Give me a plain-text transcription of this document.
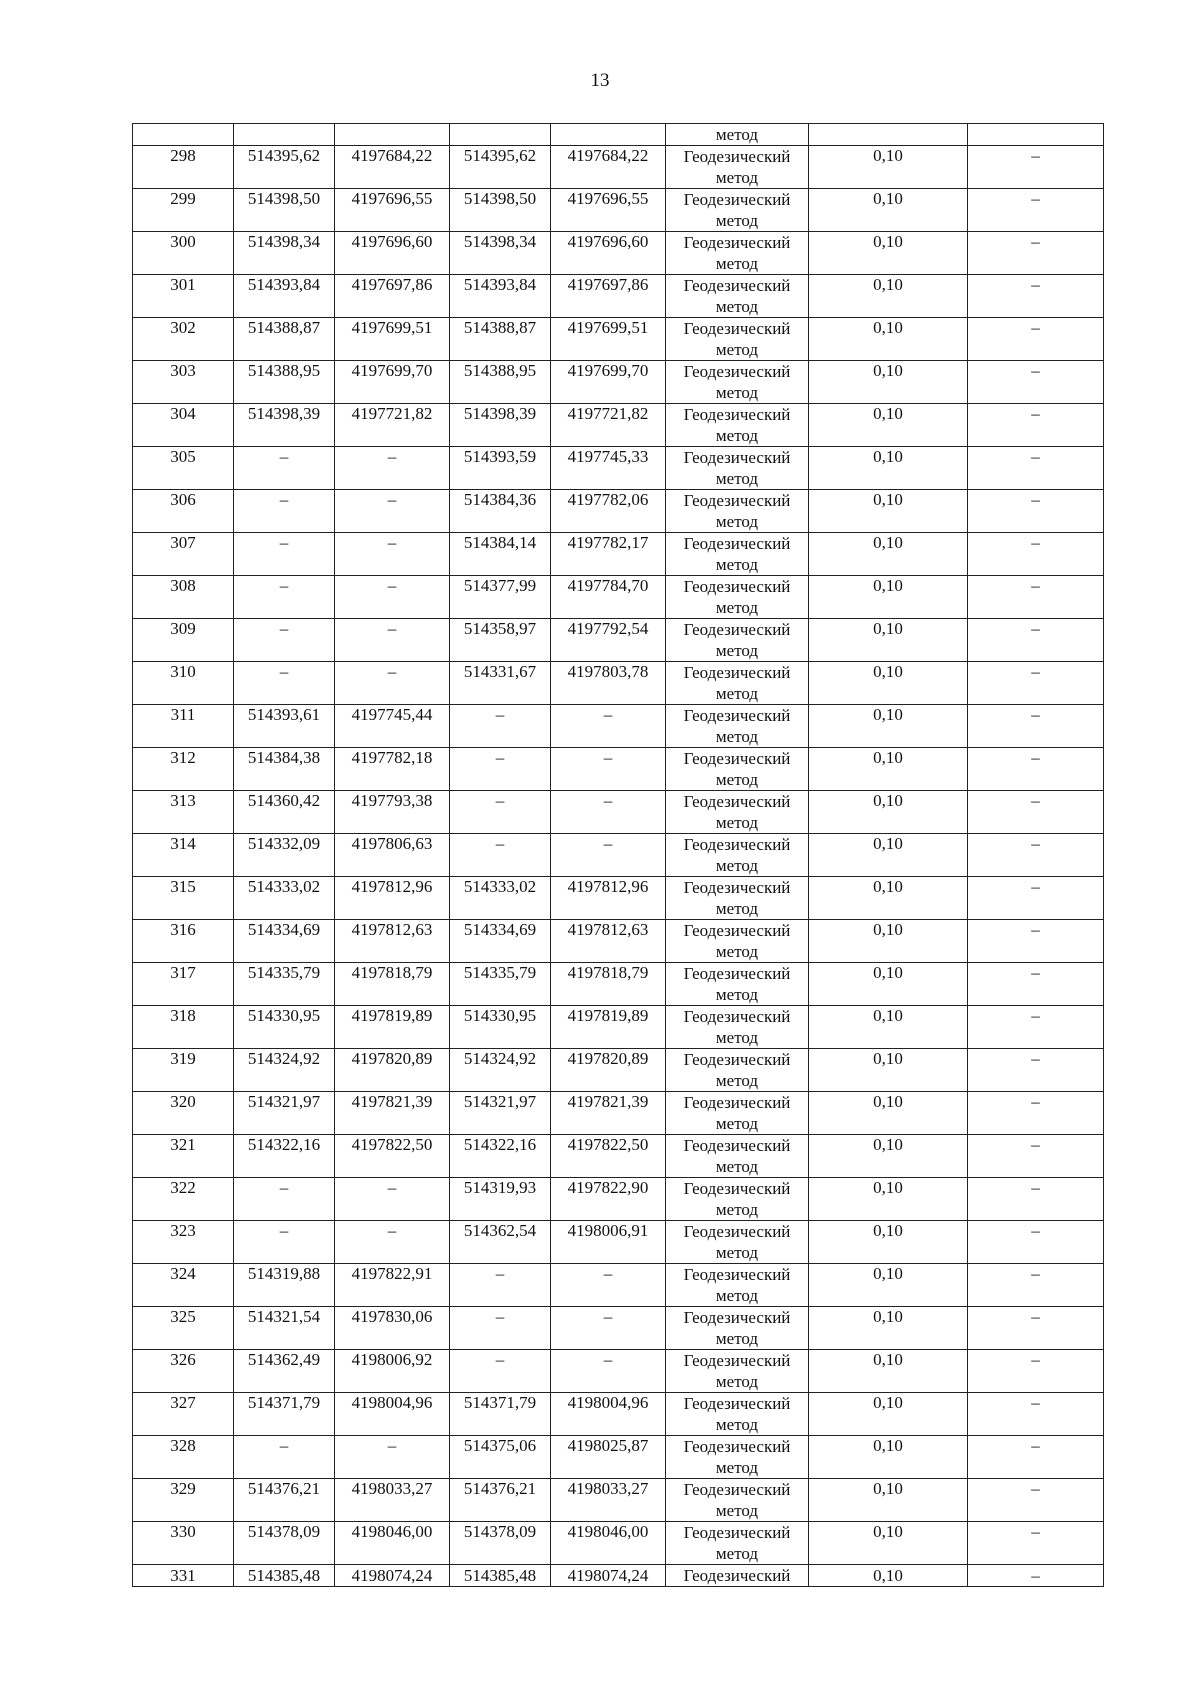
13
					метод		
298	514395,62	4197684,22	514395,62	4197684,22	Геодезический
метод	0,10	–
299	514398,50	4197696,55	514398,50	4197696,55	Геодезический
метод	0,10	–
300	514398,34	4197696,60	514398,34	4197696,60	Геодезический
метод	0,10	–
301	514393,84	4197697,86	514393,84	4197697,86	Геодезический
метод	0,10	–
302	514388,87	4197699,51	514388,87	4197699,51	Геодезический
метод	0,10	–
303	514388,95	4197699,70	514388,95	4197699,70	Геодезический
метод	0,10	–
304	514398,39	4197721,82	514398,39	4197721,82	Геодезический
метод	0,10	–
305	–	–	514393,59	4197745,33	Геодезический
метод	0,10	–
306	–	–	514384,36	4197782,06	Геодезический
метод	0,10	–
307	–	–	514384,14	4197782,17	Геодезический
метод	0,10	–
308	–	–	514377,99	4197784,70	Геодезический
метод	0,10	–
309	–	–	514358,97	4197792,54	Геодезический
метод	0,10	–
310	–	–	514331,67	4197803,78	Геодезический
метод	0,10	–
311	514393,61	4197745,44	–	–	Геодезический
метод	0,10	–
312	514384,38	4197782,18	–	–	Геодезический
метод	0,10	–
313	514360,42	4197793,38	–	–	Геодезический
метод	0,10	–
314	514332,09	4197806,63	–	–	Геодезический
метод	0,10	–
315	514333,02	4197812,96	514333,02	4197812,96	Геодезический
метод	0,10	–
316	514334,69	4197812,63	514334,69	4197812,63	Геодезический
метод	0,10	–
317	514335,79	4197818,79	514335,79	4197818,79	Геодезический
метод	0,10	–
318	514330,95	4197819,89	514330,95	4197819,89	Геодезический
метод	0,10	–
319	514324,92	4197820,89	514324,92	4197820,89	Геодезический
метод	0,10	–
320	514321,97	4197821,39	514321,97	4197821,39	Геодезический
метод	0,10	–
321	514322,16	4197822,50	514322,16	4197822,50	Геодезический
метод	0,10	–
322	–	–	514319,93	4197822,90	Геодезический
метод	0,10	–
323	–	–	514362,54	4198006,91	Геодезический
метод	0,10	–
324	514319,88	4197822,91	–	–	Геодезический
метод	0,10	–
325	514321,54	4197830,06	–	–	Геодезический
метод	0,10	–
326	514362,49	4198006,92	–	–	Геодезический
метод	0,10	–
327	514371,79	4198004,96	514371,79	4198004,96	Геодезический
метод	0,10	–
328	–	–	514375,06	4198025,87	Геодезический
метод	0,10	–
329	514376,21	4198033,27	514376,21	4198033,27	Геодезический
метод	0,10	–
330	514378,09	4198046,00	514378,09	4198046,00	Геодезический
метод	0,10	–
331	514385,48	4198074,24	514385,48	4198074,24	Геодезический	0,10	–
